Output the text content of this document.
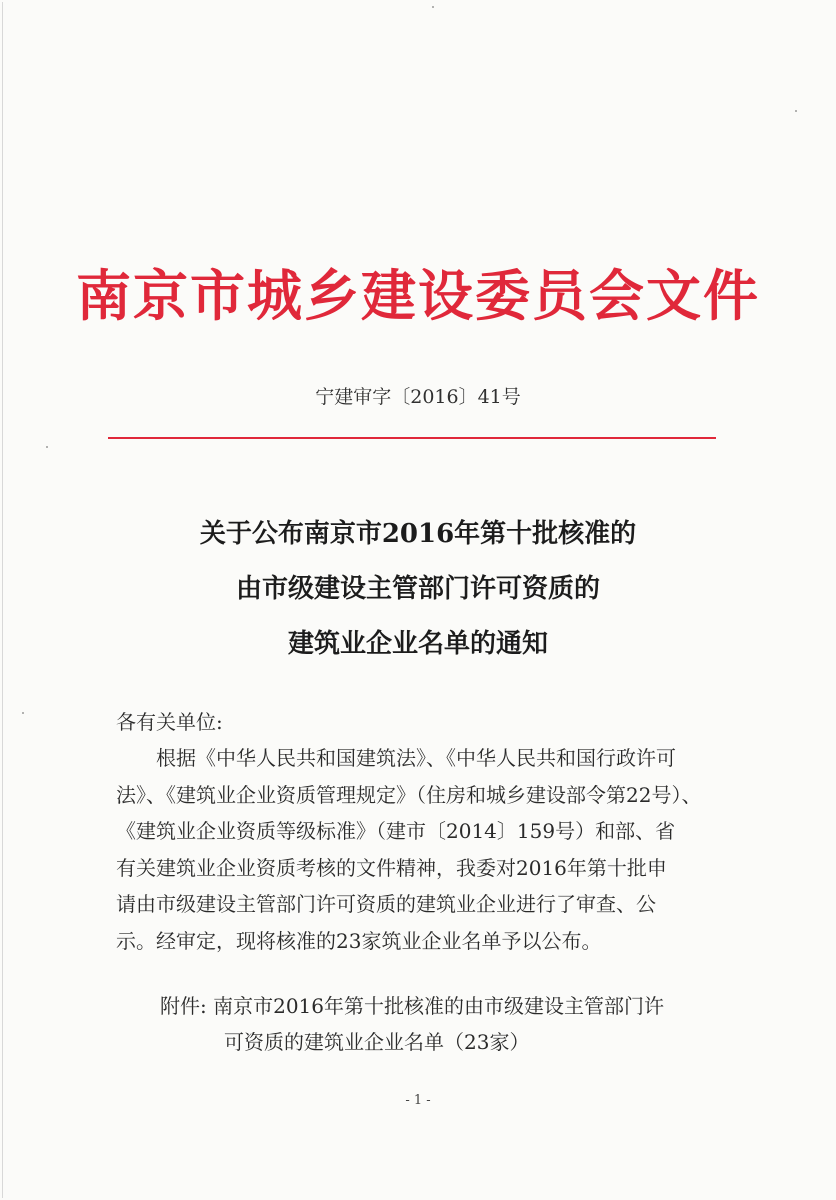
南京市城乡建设委员会文件
宁建审字〔2016〕41号
关于公布南京市2016年第十批核准的
由市级建设主管部门许可资质的
建筑业企业名单的通知
各有关单位:
根据《中华人民共和国建筑法》、《中华人民共和国行政许可
法》、《建筑业企业资质管理规定》（住房和城乡建设部令第22号）、
《建筑业企业资质等级标准》（建市〔2014〕159号）和部、省
有关建筑业企业资质考核的文件精神，我委对2016年第十批申
请由市级建设主管部门许可资质的建筑业企业进行了审查、公
示。经审定，现将核准的23家筑业企业名单予以公布。
附件: 南京市2016年第十批核准的由市级建设主管部门许
可资质的建筑业企业名单（23家）
- 1 -
